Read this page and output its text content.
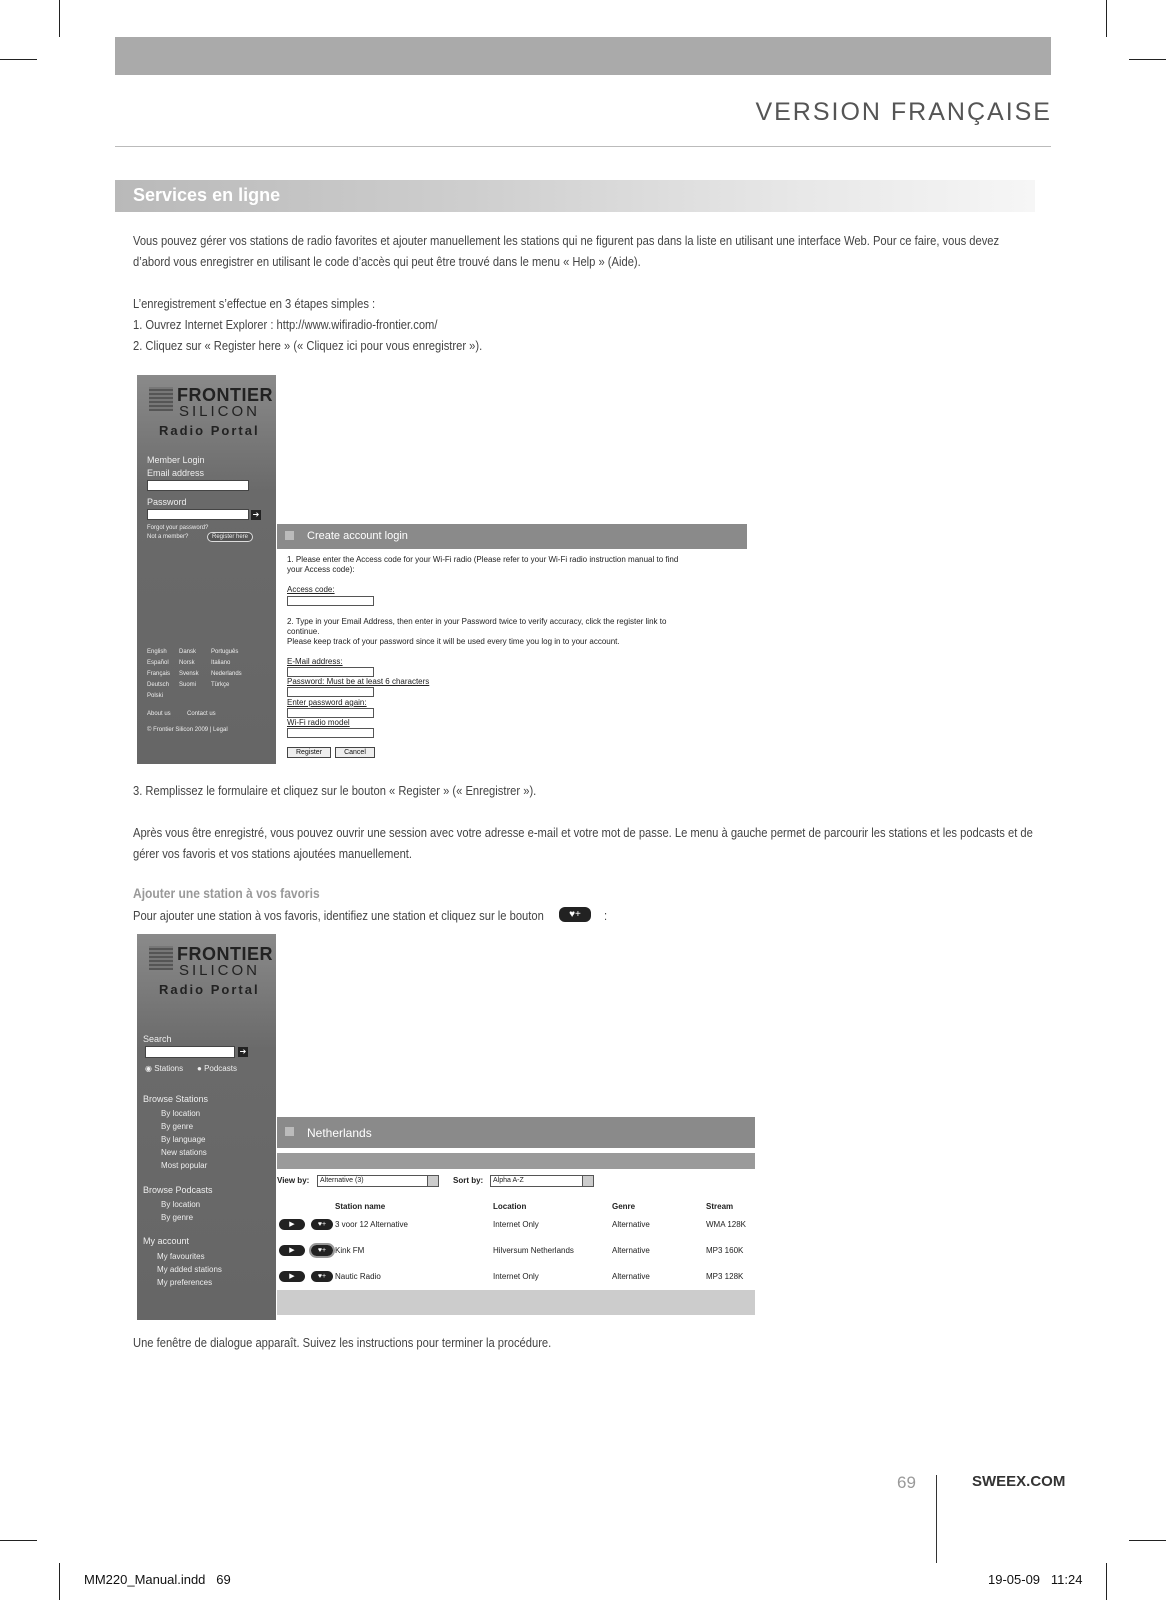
VERSION FRANÇAISE
Services en ligne
Vous pouvez gérer vos stations de radio favorites et ajouter manuellement les stations qui ne figurent pas dans la liste en utilisant une interface Web. Pour ce faire, vous devez
d’abord vous enregistrer en utilisant le code d’accès qui peut être trouvé dans le menu « Help » (Aide).
L’enregistrement s’effectue en 3 étapes simples :
1. Ouvrez Internet Explorer : http://www.wifiradio-frontier.com/
2. Cliquez sur « Register here » (« Cliquez ici pour vous enregistrer »).
FRONTIER
SILICON
Radio Portal
Member Login
Email address
Password
➔
Forgot your password?
Not a member?	Register here
English Dansk Português
Español Norsk	Italiano
Français Svensk Nederlands
Deutsch Suomi Türkçe
Polski
About us	Contact us
© Frontier Silicon 2009 | Legal
Create account login
1. Please enter the Access code for your Wi-Fi radio (Please refer to your Wi-Fi radio instruction manual to find
your Access code):
Access code:
2. Type in your Email Address, then enter in your Password twice to verify accuracy, click the register link to
continue.
Please keep track of your password since it will be used every time you log in to your account.
E-Mail address:
Password: Must be at least 6 characters
Enter password again:
Wi-Fi radio model
Register	Cancel
3. Remplissez le formulaire et cliquez sur le bouton « Register » (« Enregistrer »).
Après vous être enregistré, vous pouvez ouvrir une session avec votre adresse e-mail et votre mot de passe. Le menu à gauche permet de parcourir les stations et les podcasts et de
gérer vos favoris et vos stations ajoutées manuellement.
Ajouter une station à vos favoris
Pour ajouter une station à vos favoris, identifiez une station et cliquez sur le bouton	♥+	:
FRONTIER
SILICON
Radio Portal
Search
➔
◉ Stations ● Podcasts
Browse Stations
By location
By genre
By language
New stations
Most popular
Browse Podcasts
By location
By genre
My account
My favourites
My added stations
My preferences
Netherlands
View by:	Alternative (3)	Sort by:	Alpha A-Z
Station name	Location	Genre	Stream
▶	♥+	3 voor 12 Alternative	Internet Only	Alternative	WMA 128K
▶	♥+	Kink FM	Hilversum Netherlands	Alternative	MP3 160K
▶	♥+	Nautic Radio	Internet Only	Alternative	MP3 128K
Une fenêtre de dialogue apparaît. Suivez les instructions pour terminer la procédure.
69	SWEEX.COM
MM220_Manual.indd   69	19-05-09   11:24
